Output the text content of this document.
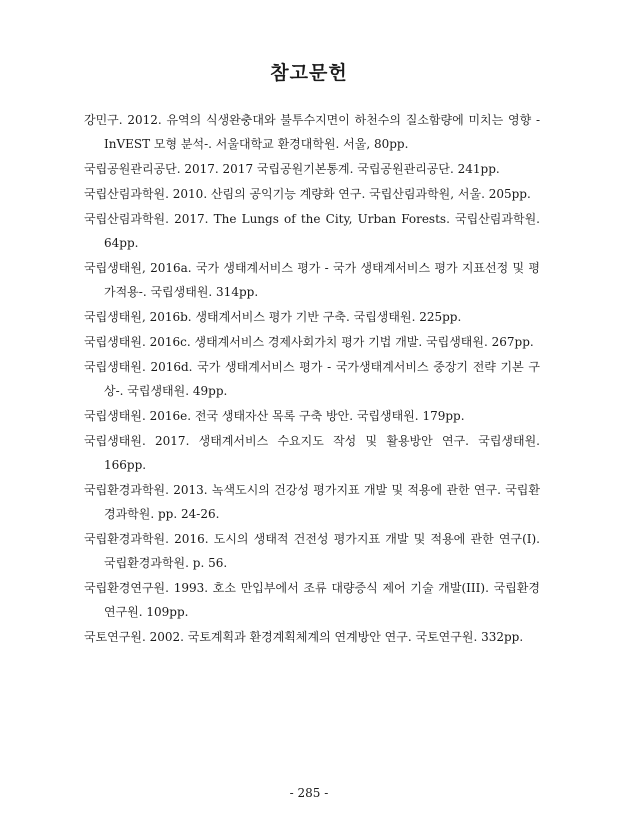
참고문헌

강민구. 2012. 유역의 식생완충대와 불투수지면이 하천수의 질소함량에 미치는 영향 - InVEST 모형 분석-. 서울대학교 환경대학원. 서울, 80pp.

국립공원관리공단. 2017. 2017 국립공원기본통계. 국립공원관리공단. 241pp.

국립산림과학원. 2010. 산림의 공익기능 계량화 연구. 국립산림과학원, 서울. 205pp.

국립산림과학원. 2017. The Lungs of the City, Urban Forests. 국립산림과학원. 64pp.

국립생태원, 2016a. 국가 생태계서비스 평가 - 국가 생태계서비스 평가 지표선정 및 평가적용-. 국립생태원. 314pp.

국립생태원, 2016b. 생태계서비스 평가 기반 구축. 국립생태원. 225pp.

국립생태원. 2016c. 생태계서비스 경제사회가치 평가 기법 개발. 국립생태원. 267pp.

국립생태원. 2016d. 국가 생태계서비스 평가 - 국가생태계서비스 중장기 전략 기본 구상-. 국립생태원. 49pp.

국립생태원. 2016e. 전국 생태자산 목록 구축 방안. 국립생태원. 179pp.

국립생태원. 2017. 생태계서비스 수요지도 작성 및 활용방안 연구. 국립생태원. 166pp.

국립환경과학원. 2013. 녹색도시의 건강성 평가지표 개발 및 적용에 관한 연구. 국립환경과학원. pp. 24-26.

국립환경과학원. 2016. 도시의 생태적 건전성 평가지표 개발 및 적용에 관한 연구(I). 국립환경과학원. p. 56.

국립환경연구원. 1993. 호소 만입부에서 조류 대량증식 제어 기술 개발(III). 국립환경연구원. 109pp.

국토연구원. 2002. 국토계획과 환경계획체계의 연계방안 연구. 국토연구원. 332pp.

- 285 -
